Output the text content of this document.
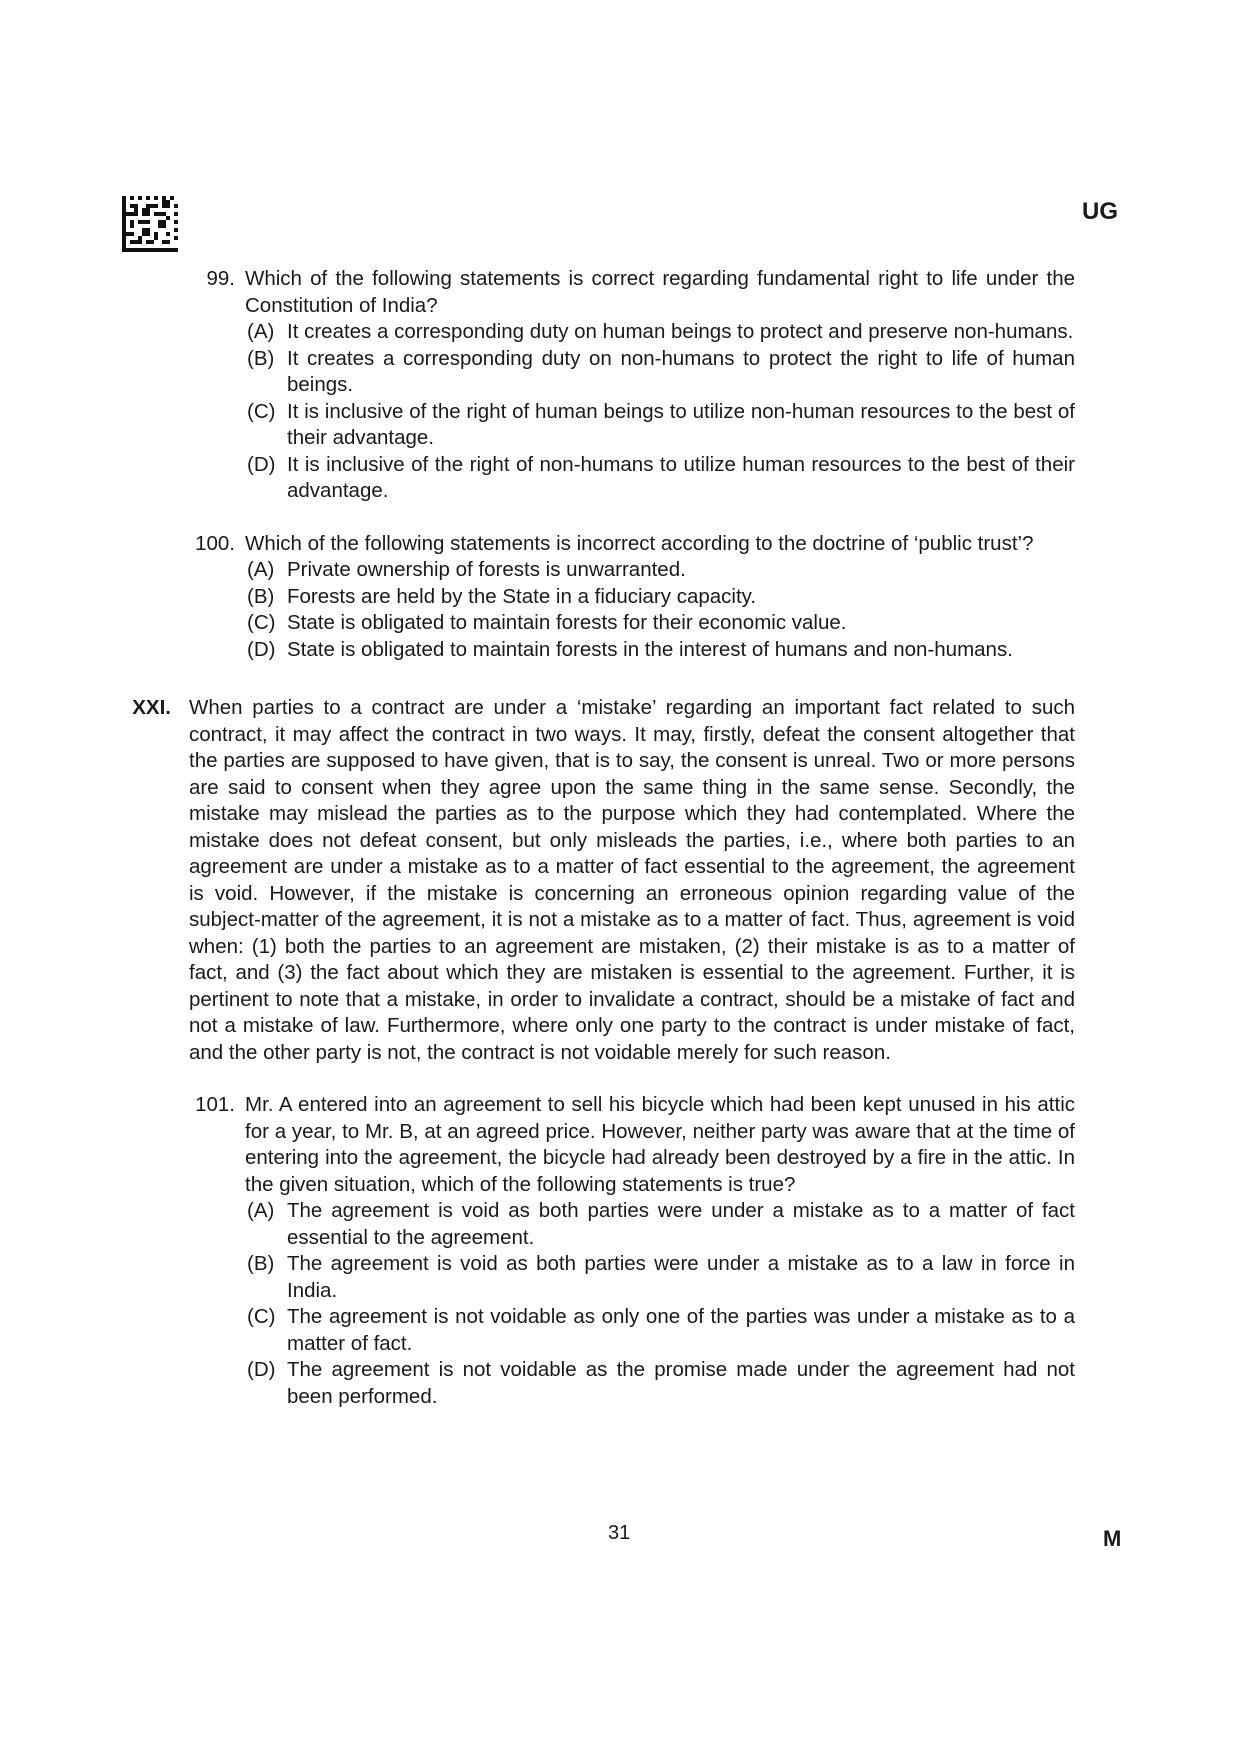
UG
99. Which of the following statements is correct regarding fundamental right to life under the Constitution of India?
(A) It creates a corresponding duty on human beings to protect and preserve non-humans.
(B) It creates a corresponding duty on non-humans to protect the right to life of human beings.
(C) It is inclusive of the right of human beings to utilize non-human resources to the best of their advantage.
(D) It is inclusive of the right of non-humans to utilize human resources to the best of their advantage.
100. Which of the following statements is incorrect according to the doctrine of ‘public trust’?
(A) Private ownership of forests is unwarranted.
(B) Forests are held by the State in a fiduciary capacity.
(C) State is obligated to maintain forests for their economic value.
(D) State is obligated to maintain forests in the interest of humans and non-humans.
XXI. When parties to a contract are under a ‘mistake’ regarding an important fact related to such contract, it may affect the contract in two ways. It may, firstly, defeat the consent altogether that the parties are supposed to have given, that is to say, the consent is unreal. Two or more persons are said to consent when they agree upon the same thing in the same sense. Secondly, the mistake may mislead the parties as to the purpose which they had contemplated. Where the mistake does not defeat consent, but only misleads the parties, i.e., where both parties to an agreement are under a mistake as to a matter of fact essential to the agreement, the agreement is void. However, if the mistake is concerning an erroneous opinion regarding value of the subject-matter of the agreement, it is not a mistake as to a matter of fact. Thus, agreement is void when: (1) both the parties to an agreement are mistaken, (2) their mistake is as to a matter of fact, and (3) the fact about which they are mistaken is essential to the agreement. Further, it is pertinent to note that a mistake, in order to invalidate a contract, should be a mistake of fact and not a mistake of law. Furthermore, where only one party to the contract is under mistake of fact, and the other party is not, the contract is not voidable merely for such reason.
101. Mr. A entered into an agreement to sell his bicycle which had been kept unused in his attic for a year, to Mr. B, at an agreed price. However, neither party was aware that at the time of entering into the agreement, the bicycle had already been destroyed by a fire in the attic. In the given situation, which of the following statements is true?
(A) The agreement is void as both parties were under a mistake as to a matter of fact essential to the agreement.
(B) The agreement is void as both parties were under a mistake as to a law in force in India.
(C) The agreement is not voidable as only one of the parties was under a mistake as to a matter of fact.
(D) The agreement is not voidable as the promise made under the agreement had not been performed.
31	M
